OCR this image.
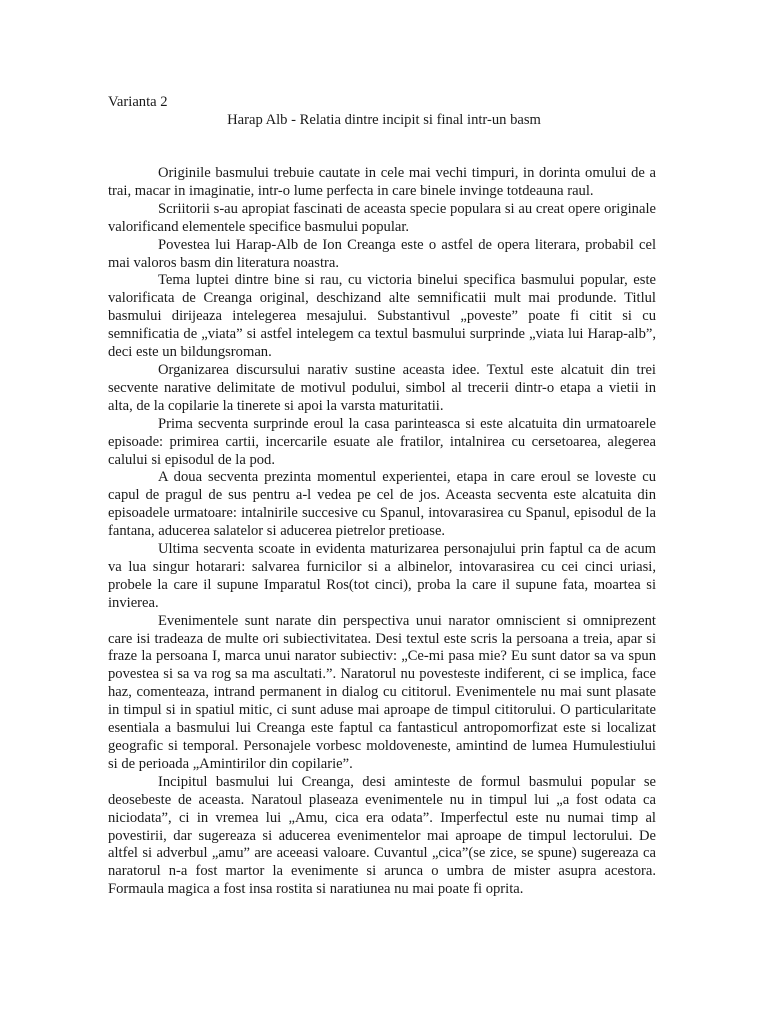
Varianta 2
Harap Alb - Relatia dintre incipit si final intr-un basm

Originile basmului trebuie cautate in cele mai vechi timpuri, in dorinta omului de a trai, macar in imaginatie, intr-o lume perfecta in care binele invinge totdeauna raul.

Scriitorii s-au apropiat fascinati de aceasta specie populara si au creat opere originale valorificand elementele specifice basmului popular.

Povestea lui Harap-Alb de Ion Creanga este o astfel de opera literara, probabil cel mai valoros basm din literatura noastra.

Tema luptei dintre bine si rau, cu victoria binelui specifica basmului popular, este valorificata de Creanga original, deschizand alte semnificatii mult mai produnde. Titlul basmului dirijeaza intelegerea mesajului. Substantivul „poveste” poate fi citit si cu semnificatia de „viata” si astfel intelegem ca textul basmului surprinde „viata lui Harap-alb”, deci este un bildungsroman.

Organizarea discursului narativ sustine aceasta idee. Textul este alcatuit din trei secvente narative delimitate de motivul podului, simbol al trecerii dintr-o etapa a vietii in alta, de la copilarie la tinerete si apoi la varsta maturitatii.

Prima secventa surprinde eroul la casa parinteasca si este alcatuita din urmatoarele episoade: primirea cartii, incercarile esuate ale fratilor, intalnirea cu cersetoarea, alegerea calului si episodul de la pod.

A doua secventa prezinta momentul experientei, etapa in care eroul se loveste cu capul de pragul de sus pentru a-l vedea pe cel de jos. Aceasta secventa este alcatuita din episoadele urmatoare: intalnirile succesive cu Spanul, intovarasirea cu Spanul, episodul de la fantana, aducerea salatelor si aducerea pietrelor pretioase.

Ultima secventa scoate in evidenta maturizarea personajului prin faptul ca de acum va lua singur hotarari: salvarea furnicilor si a albinelor, intovarasirea cu cei cinci uriasi, probele la care il supune Imparatul Ros(tot cinci), proba la care il supune fata, moartea si invierea.

Evenimentele sunt narate din perspectiva unui narator omniscient si omniprezent care isi tradeaza de multe ori subiectivitatea. Desi textul este scris la persoana a treia, apar si fraze la persoana I, marca unui narator subiectiv: „Ce-mi pasa mie? Eu sunt dator sa va spun povestea si sa va rog sa ma ascultati.”. Naratorul nu povesteste indiferent, ci se implica, face haz, comenteaza, intrand permanent in dialog cu cititorul. Evenimentele nu mai sunt plasate in timpul si in spatiul mitic, ci sunt aduse mai aproape de timpul cititorului. O particularitate esentiala a basmului lui Creanga este faptul ca fantasticul antropomorfizat este si localizat geografic si temporal. Personajele vorbesc moldoveneste, amintind de lumea Humulestiului si de perioada „Amintirilor din copilarie”.

Incipitul basmului lui Creanga, desi aminteste de formul basmului popular se deosebeste de aceasta. Naratoul plaseaza evenimentele nu in timpul lui „a fost odata ca niciodata”, ci in vremea lui „Amu, cica era odata”. Imperfectul este nu numai timp al povestirii, dar sugereaza si aducerea evenimentelor mai aproape de timpul lectorului. De altfel si adverbul „amu” are aceeasi valoare. Cuvantul „cica”(se zice, se spune) sugereaza ca naratorul n-a fost martor la evenimente si arunca o umbra de mister asupra acestora. Formaula magica a fost insa rostita si naratiunea nu mai poate fi oprita.
